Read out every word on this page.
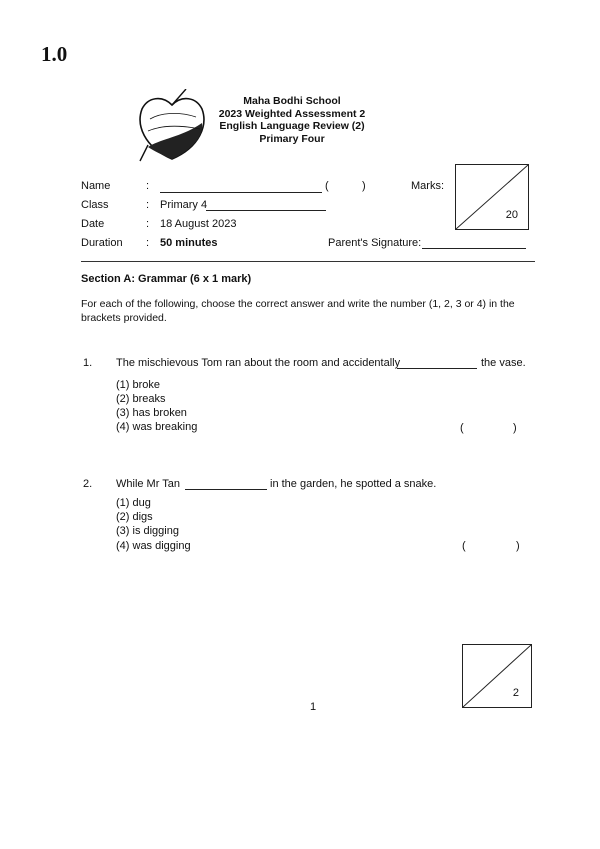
1.0
Maha Bodhi School
2023 Weighted Assessment 2
English Language Review (2)
Primary Four
Name	:	(	)	Marks:
Class	: Primary 4
Date	: 18 August 2023
Duration : 50 minutes	Parent's Signature:
20
Section A: Grammar (6 x 1 mark)
For each of the following, choose the correct answer and write the number (1, 2, 3 or 4) in the brackets provided.
1. The mischievous Tom ran about the room and accidentally	the vase.
(1) broke
(2) breaks
(3) has broken
(4) was breaking	(	)
2. While Mr Tan	in the garden, he spotted a snake.
(1) dug
(2) digs
(3) is digging
(4) was digging	(	)
2
1
